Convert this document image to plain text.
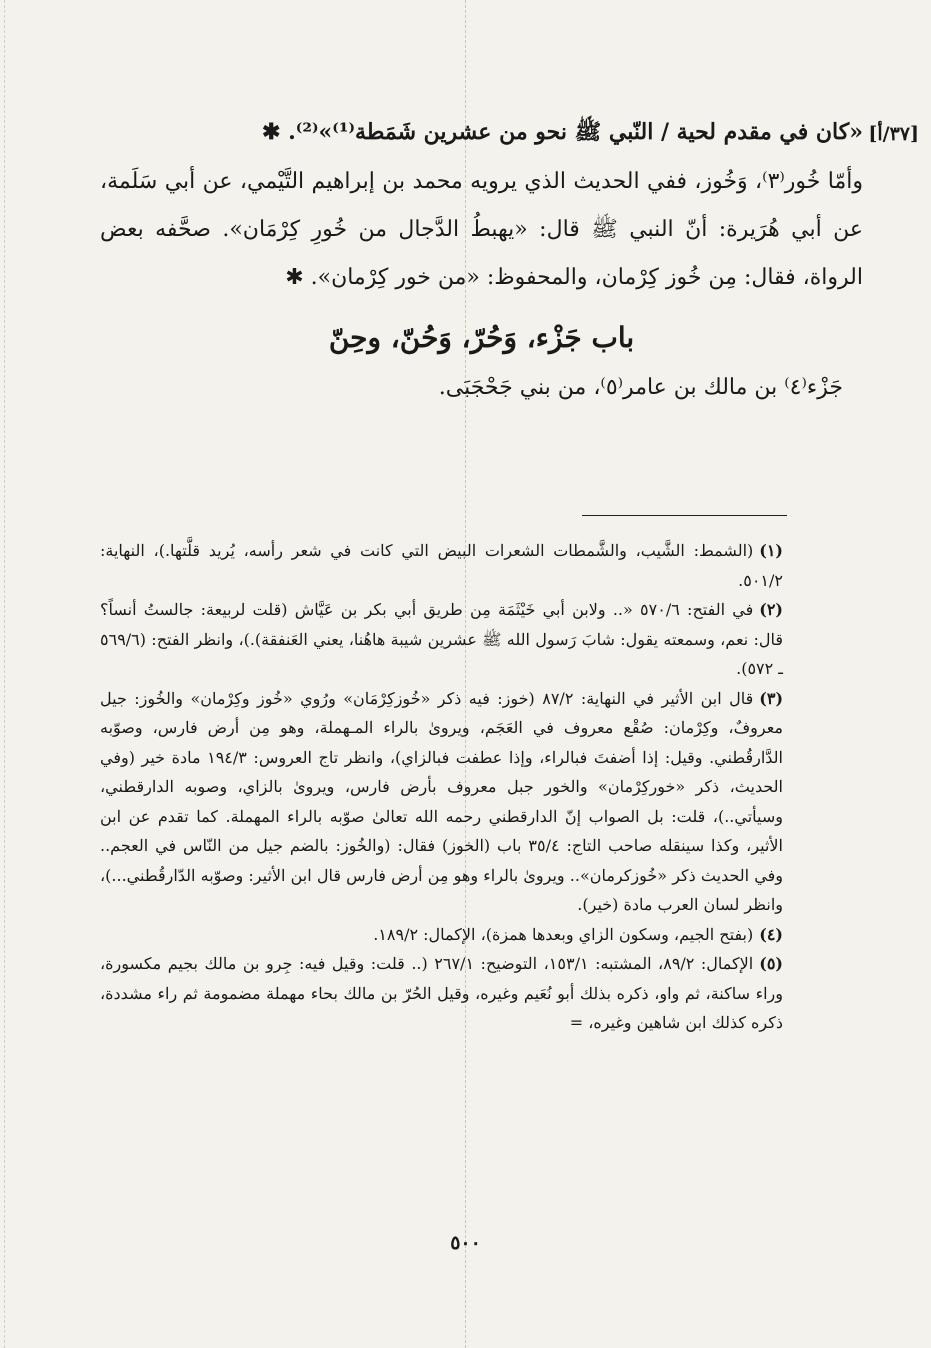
[٣٧/أ]

«كان في مقدم لحية / النّبي ﷺ نحو من عشرين شَمَطة⁽¹⁾»⁽²⁾. ✱

وأمّا خُور⁽٣⁾، وَخُوز، ففي الحديث الذي يرويه محمد بن إبراهيم التَّيْمي، عن أبي سَلَمة، عن أبي هُرَيرة: أنّ النبي ﷺ قال: «يهبطُ الدَّجال من خُورِ كِرْمَان». صحَّفه بعض الرواة، فقال: مِن خُوز كِرْمان، والمحفوظ: «من خور كِرْمان». ✱

باب جَزْء، وَحُرّ، وَحُنّ، وحِنّ

جَزْء⁽٤⁾ بن مالك بن عامر⁽٥⁾، من بني جَحْجَبَى.

(١)(الشمط: الشَّيب، والشَّمطات الشعرات البيض التي كانت في شعر رأسه، يُريد قلَّتها.)، النهاية: ٥٠١/٢.

(٢)في الفتح: ٥٧٠/٦ «.. ولابن أبي خَيْثَمَة مِن طريق أبي بكر بن عَيَّاش (قلت لربيعة: جالستُ أنساً؟ قال: نعم، وسمعته يقول: شابَ رَسول الله ﷺ عشرين شيبة هاهُنا، يعني العَنفقة).)، وانظر الفتح: (٥٦٩/٦ ـ ٥٧٢).

(٣)قال ابن الأثير في النهاية: ٨٧/٢ (خوز: فيه ذكر «خُوزكِرْمَان» ورُوي «خُوز وكِرْمان» والخُوز: جيل معروفٌ، وكِرْمان: صُقْع معروف في العَجَم، ويروىٰ بالراء المـهملة، وهو مِن أرض فارس، وصوّبه الدَّارقُطني. وقيل: إذا أضفتَ فبالراء، وإذا عطفت فبالزاي)، وانظر تاج العروس: ١٩٤/٣ مادة خير (وفي الحديث، ذكر «خوركِرْمان» والخور جبل معروف بأرض فارس، ويروىٰ بالزاي، وصوبه الدارقطني، وسيأتي..)، قلت: بل الصواب إنّ الدارقطني رحمه الله تعالىٰ صوّبه بالراء المهملة. كما تقدم عن ابن الأثير، وكذا سينقله صاحب التاج: ٣٥/٤ باب (الخوز) فقال: (والخُوز: بالضم جيل من النّاس في العجم.. وفي الحديث ذكر «خُوزكرمان».. ويروىٰ بالراء وهو مِن أرض فارس قال ابن الأثير: وصوّبه الدّارقُطني...)، وانظر لسان العرب مادة (خير).

(٤)(بفتح الجيم، وسكون الزاي وبعدها همزة)، الإكمال: ١٨٩/٢.

(٥)الإكمال: ٨٩/٢، المشتبه: ١٥٣/١، التوضيح: ٢٦٧/١ (.. قلت: وقيل فيه: جِرو بن مالك بجيم مكسورة، وراء ساكنة، ثم واو، ذكره بذلك أبو نُعَيم وغيره، وقيل الحُرّ بن مالك بحاء مهملة مضمومة ثم راء مشددة، ذكره كذلك ابن شاهين وغيره، =

٥٠٠
